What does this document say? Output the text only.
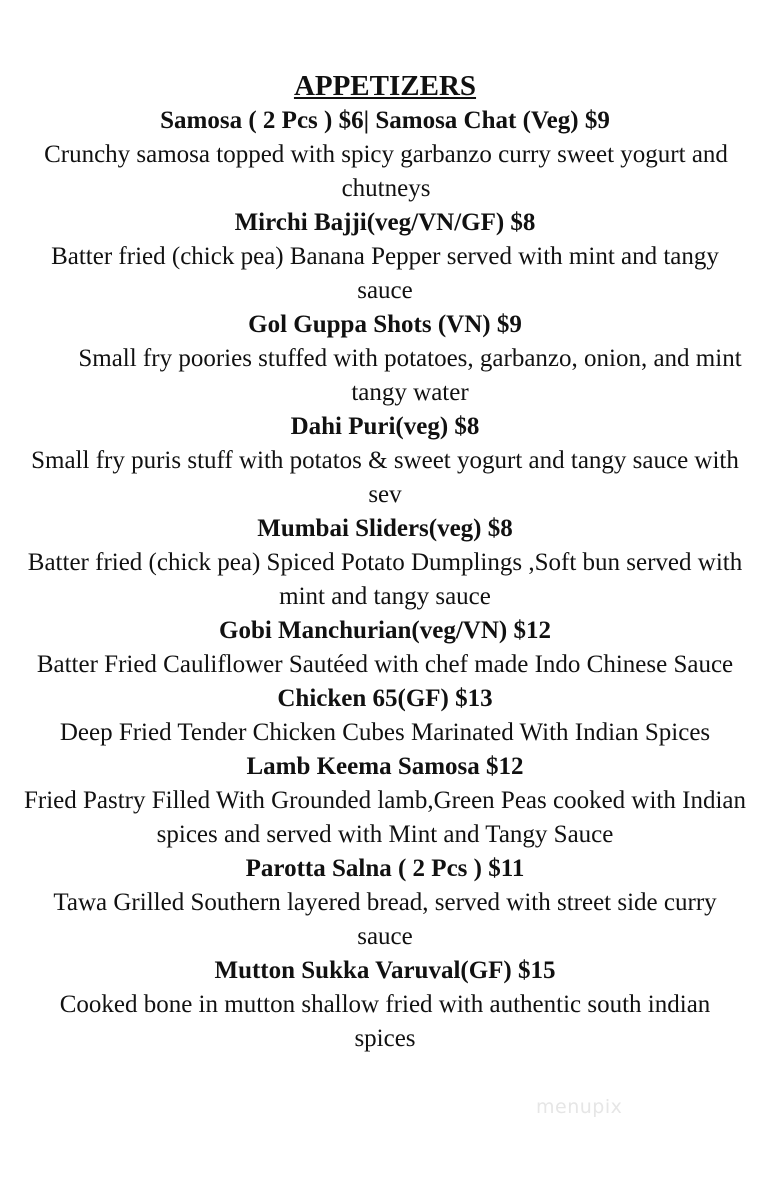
APPETIZERS

Samosa ( 2 Pcs ) $6| Samosa Chat (Veg) $9

Crunchy samosa topped with spicy garbanzo curry sweet yogurt and chutneys

Mirchi Bajji(veg/VN/GF) $8

Batter fried (chick pea) Banana Pepper served with mint and tangy sauce

Gol Guppa Shots (VN) $9

Small fry poories stuffed with potatoes, garbanzo, onion, and mint tangy water

Dahi Puri(veg) $8

Small fry puris stuff with potatos & sweet yogurt and tangy sauce with sev

Mumbai Sliders(veg) $8

Batter fried (chick pea) Spiced Potato Dumplings ,Soft bun served with mint and tangy sauce

Gobi Manchurian(veg/VN) $12

Batter Fried Cauliflower Sautéed with chef made Indo Chinese Sauce

Chicken 65(GF) $13

Deep Fried Tender Chicken Cubes Marinated With Indian Spices

Lamb Keema Samosa $12

Fried Pastry Filled With Grounded lamb,Green Peas cooked with Indian spices and served with Mint and Tangy Sauce

Parotta Salna ( 2 Pcs ) $11

Tawa Grilled Southern layered bread, served with street side curry sauce

Mutton Sukka Varuval(GF) $15

Cooked bone in mutton shallow fried with authentic south indian spices

menupix
